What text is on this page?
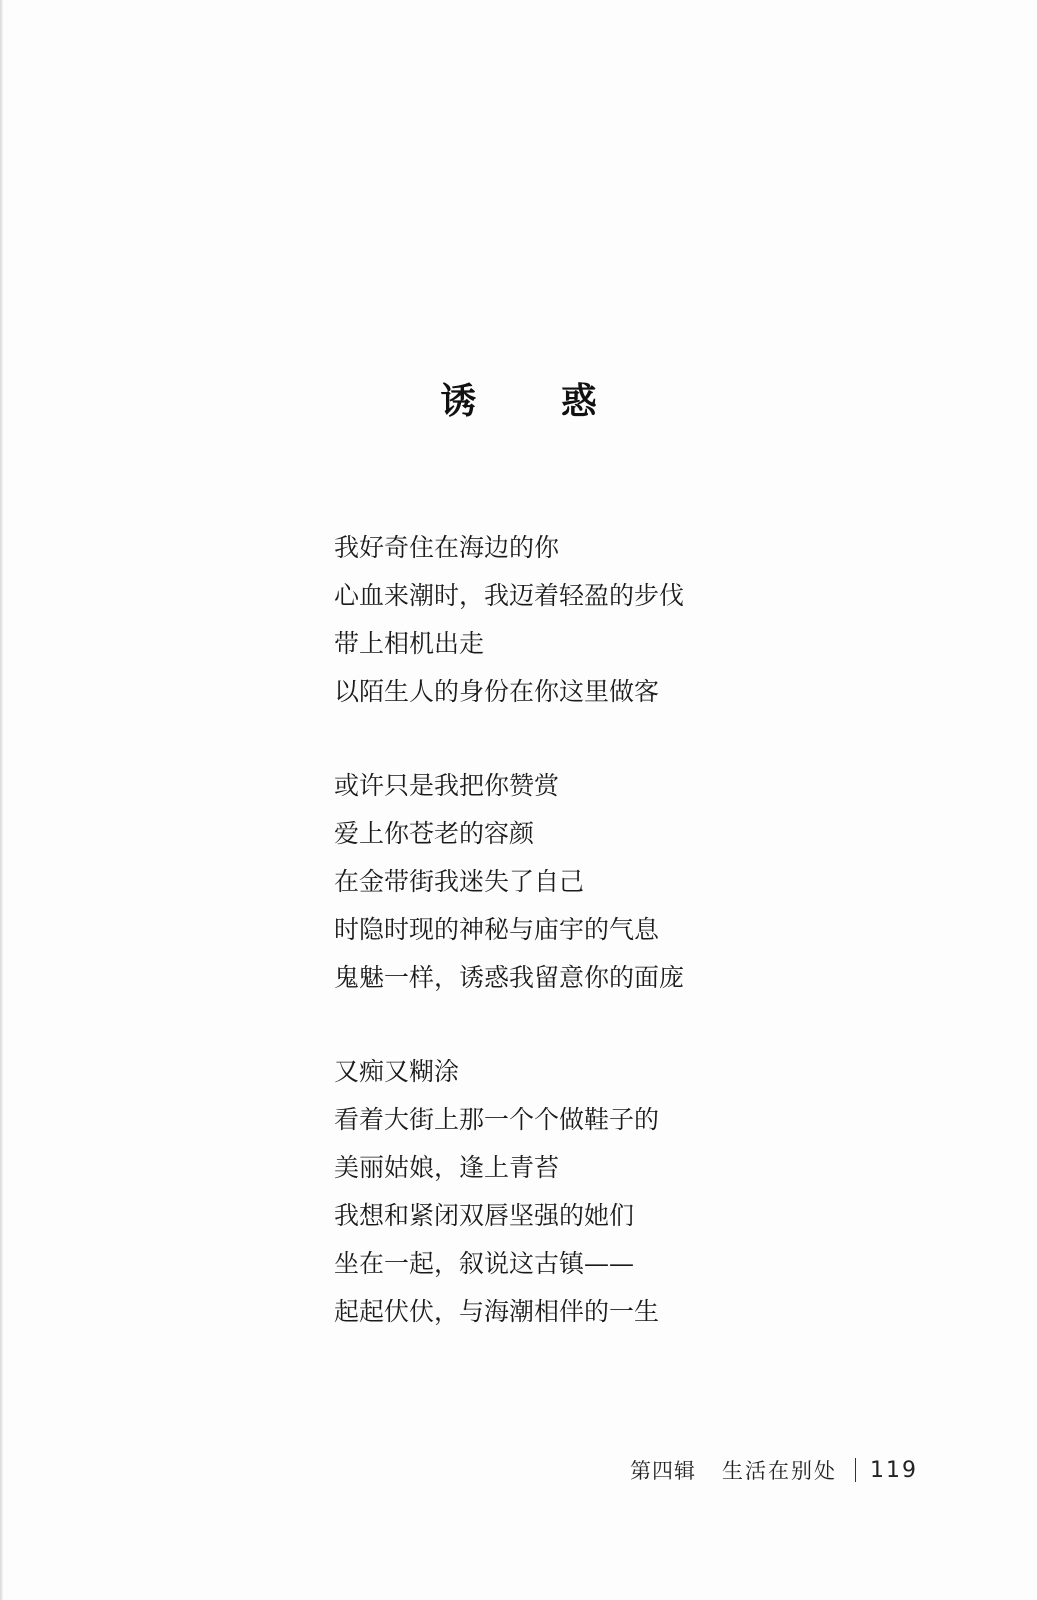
诱 惑
我好奇住在海边的你
心血来潮时，我迈着轻盈的步伐
带上相机出走
以陌生人的身份在你这里做客
或许只是我把你赞赏
爱上你苍老的容颜
在金带街我迷失了自己
时隐时现的神秘与庙宇的气息
鬼魅一样，诱惑我留意你的面庞
又痴又糊涂
看着大街上那一个个做鞋子的
美丽姑娘，逢上青苔
我想和紧闭双唇坚强的她们
坐在一起，叙说这古镇——
起起伏伏，与海潮相伴的一生
第四辑 生活在别处 119
